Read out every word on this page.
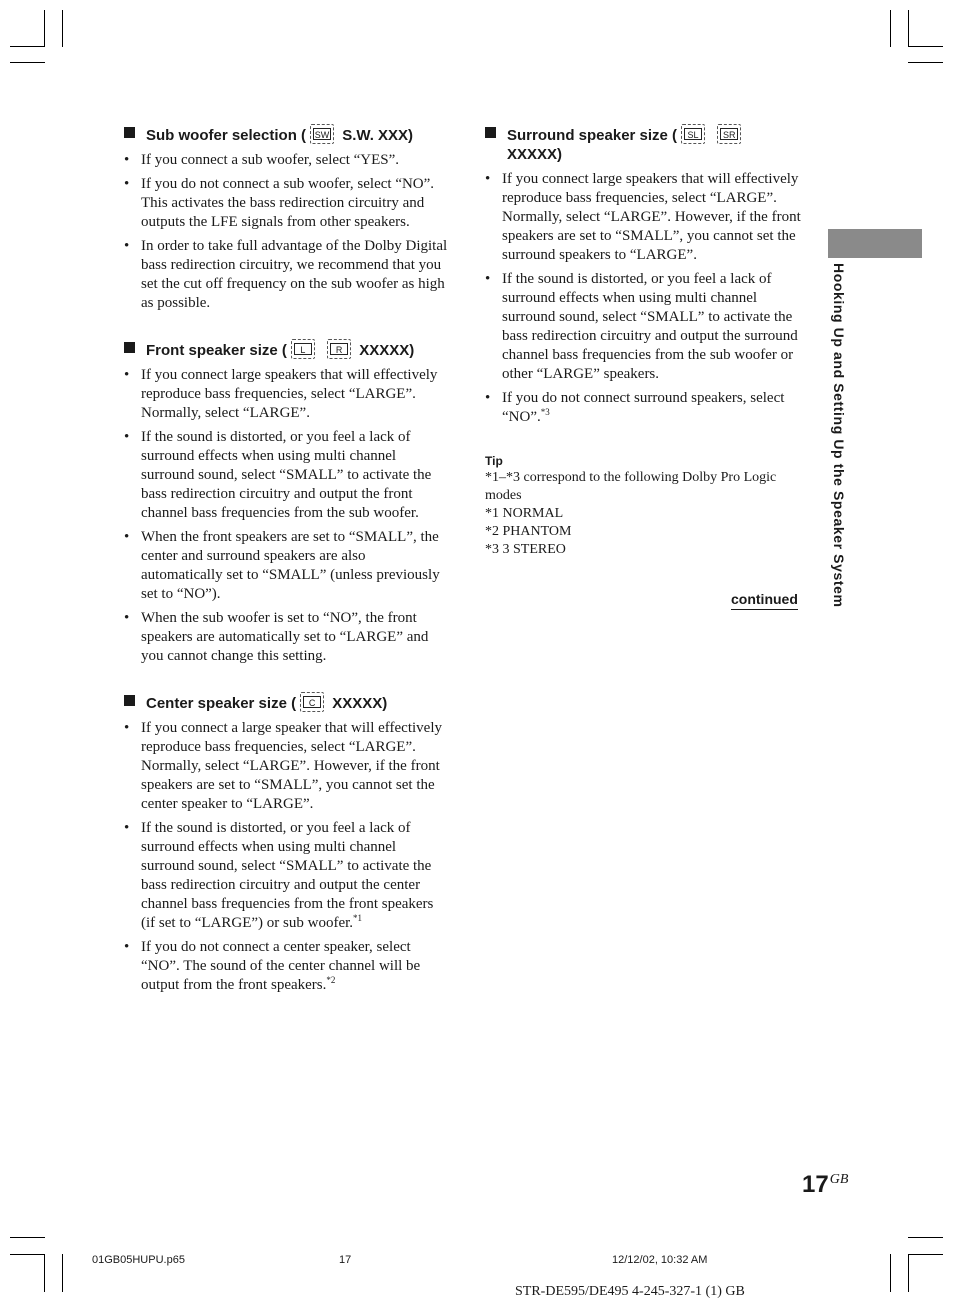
Sub woofer selection ( SW S.W. XXX)
• If you connect a sub woofer, select “YES”.
• If you do not connect a sub woofer, select “NO”. This activates the bass redirection circuitry and outputs the LFE signals from other speakers.
• In order to take full advantage of the Dolby Digital bass redirection circuitry, we recommend that you set the cut off frequency on the sub woofer as high as possible.
Front speaker size (	L
	R	XXXXX)
• If you connect large speakers that will effectively reproduce bass frequencies, select “LARGE”. Normally, select “LARGE”.
• If the sound is distorted, or you feel a lack of surround effects when using multi channel surround sound, select “SMALL” to activate the bass redirection circuitry and output the front channel bass frequencies from the sub woofer.
• When the front speakers are set to “SMALL”, the center and surround speakers are also automatically set to “SMALL” (unless previously set to “NO”).
• When the sub woofer is set to “NO”, the front speakers are automatically set to “LARGE” and you cannot change this setting.
Center speaker size (	C	XXXXX)
• If you connect a large speaker that will effectively reproduce bass frequencies, select “LARGE”. Normally, select “LARGE”. However, if the front speakers are set to “SMALL”, you cannot set the center speaker to “LARGE”.
• If the sound is distorted, or you feel a lack of surround effects when using multi channel surround sound, select “SMALL” to activate the bass redirection circuitry and output the center channel bass frequencies from the front speakers (if set to “LARGE”) or sub woofer.$^{*1}$
• If you do not connect a center speaker, select “NO”. The sound of the center channel will be output from the front speakers.$^{*2}$
Surround speaker size (	SL
	SR

XXXXX)
• If you connect large speakers that will effectively reproduce bass frequencies, select “LARGE”. Normally, select “LARGE”. However, if the front speakers are set to “SMALL”, you cannot set the surround speakers to “LARGE”.
• If the sound is distorted, or you feel a lack of surround effects when using multi channel surround sound, select “SMALL” to activate the bass redirection circuitry and output the surround channel bass frequencies from the sub woofer or other “LARGE” speakers.
• If you do not connect surround speakers, select “NO”.$^{*3}$
Tip
*1–*3 correspond to the following Dolby Pro Logic modes
*1 NORMAL
*2 PHANTOM
*3 3 STEREO
continued Hooking Up and Setting Up the Speaker System
$17^{GB}$
01GB05HUPU.p65	17	12/12/02, 10:32 AM
STR-DE595/DE495 4-245-327-1 (1) GB
